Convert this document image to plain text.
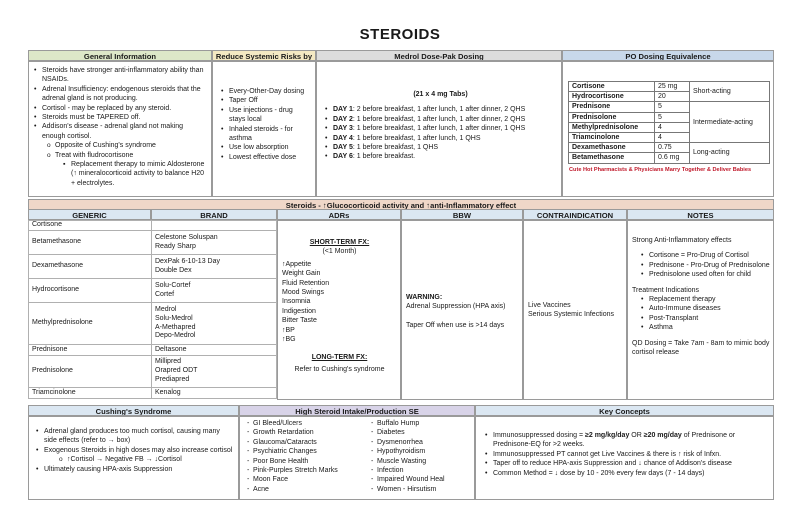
STEROIDS
General Information
• Steroids have stronger anti-inflammatory ability than NSAIDs.
• Adrenal Insufficiency: endogenous steroids that the adrenal gland is not producing.
• Cortisol - may be replaced by any steroid.
• Steroids must be TAPERED off.
• Addison's disease - adrenal gland not making enough cortisol.
o Opposite of Cushing's syndrome
o Treat with fludrocortisone
▪ Replacement therapy to mimic Aldosterone (↑ mineralocorticoid activity to balance H20 + electrolytes.
Reduce Systemic Risks by
• Every-Other-Day dosing
• Taper Off
• Use injections - drug stays local
• Inhaled steroids - for asthma
• Use low absorption
• Lowest effective dose
Medrol Dose-Pak Dosing
(21 x 4 mg Tabs)
• DAY 1: 2 before breakfast, 1 after lunch, 1 after dinner, 2 QHS
• DAY 2: 1 before breakfast, 1 after lunch, 1 after dinner, 2 QHS
• DAY 3: 1 before breakfast, 1 after lunch, 1 after dinner, 1 QHS
• DAY 4: 1 before breakfast, 1 after lunch, 1 QHS
• DAY 5: 1 before breakfast, 1 QHS
• DAY 6: 1 before breakfast.
PO Dosing Equivalence
Cortisone	25 mg	Short-acting
Hydrocortisone	20	
Prednisone	5	Intermediate-acting
Prednisolone	5	
Methylprednisolone	4	
Triamcinolone	4	
Dexamethasone	0.75	Long-acting
Betamethasone	0.6 mg	
Cute Hot Pharmacists & Physicians Marry Together & Deliver Babies
Steroids - ↑Glucocorticoid activity and ↑anti-Inflammatory effect
GENERIC	BRAND	ADRs	BBW	CONTRAINDICATION	NOTES
Cortisone	
Betamethasone	Celestone Soluspan
Ready Sharp

Dexamethasone	DexPak 6-10-13 Day
Double Dex

Hydrocortisone	Solu-Cortef
Cortef

Methylprednisolone	Medrol
Solu-Medrol
A-Methapred
Depo-Medrol

Prednisone	Deltasone
Prednisolone	Millipred
Orapred ODT
Prediapred

Triamcinolone	Kenalog
SHORT-TERM FX:
(<1 Month)
↑Appetite
Weight Gain
Fluid Retention
Mood Swings
Insomnia
Indigestion
Bitter Taste
↑BP
↑BG
LONG-TERM FX:
Refer to Cushing's syndrome
WARNING:
Adrenal Suppression (HPA axis)
Taper Off when use is >14 days
Live Vaccines
Serious Systemic Infections
Strong Anti-Inflammatory effects
• Cortisone = Pro-Drug of Cortisol
• Prednisone - Pro-Drug of Prednisolone
• Prednisolone used often for child
Treatment Indications
• Replacement therapy
• Auto-Immune diseases
• Post-Transplant
• Asthma
QD Dosing = Take 7am - 8am to mimic body cortisol release
Cushing's Syndrome
• Adrenal gland produces too much cortisol, causing many side effects (refer to → box)
• Exogenous Steroids in high doses may also increase cortisol
o ↑Cortisol → Negative FB → ↓Cortisol
• Ultimately causing HPA-axis Suppression
High Steroid Intake/Production SE
- GI Bleed/Ulcers
- Growth Retardation
- Glaucoma/Cataracts
- Psychiatric Changes
- Poor Bone Health
- Pink-Purples Stretch Marks
- Moon Face
- Acne
- Buffalo Hump
- Diabetes
- Dysmenorrhea
- Hypothyroidism
- Muscle Wasting
- Infection
- Impaired Wound Heal
- Women - Hirsutism
Key Concepts
• Immunosuppressed dosing = ≥2 mg/kg/day OR ≥20 mg/day of Prednisone or Prednisone-EQ for >2 weeks.
• Immunosuppressed PT cannot get Live Vaccines & there is ↑ risk of Infxn.
• Taper off to reduce HPA-axis Suppression and ↓ chance of Addison's disease
• Common Method = ↓ dose by 10 - 20% every few days (7 - 14 days)
